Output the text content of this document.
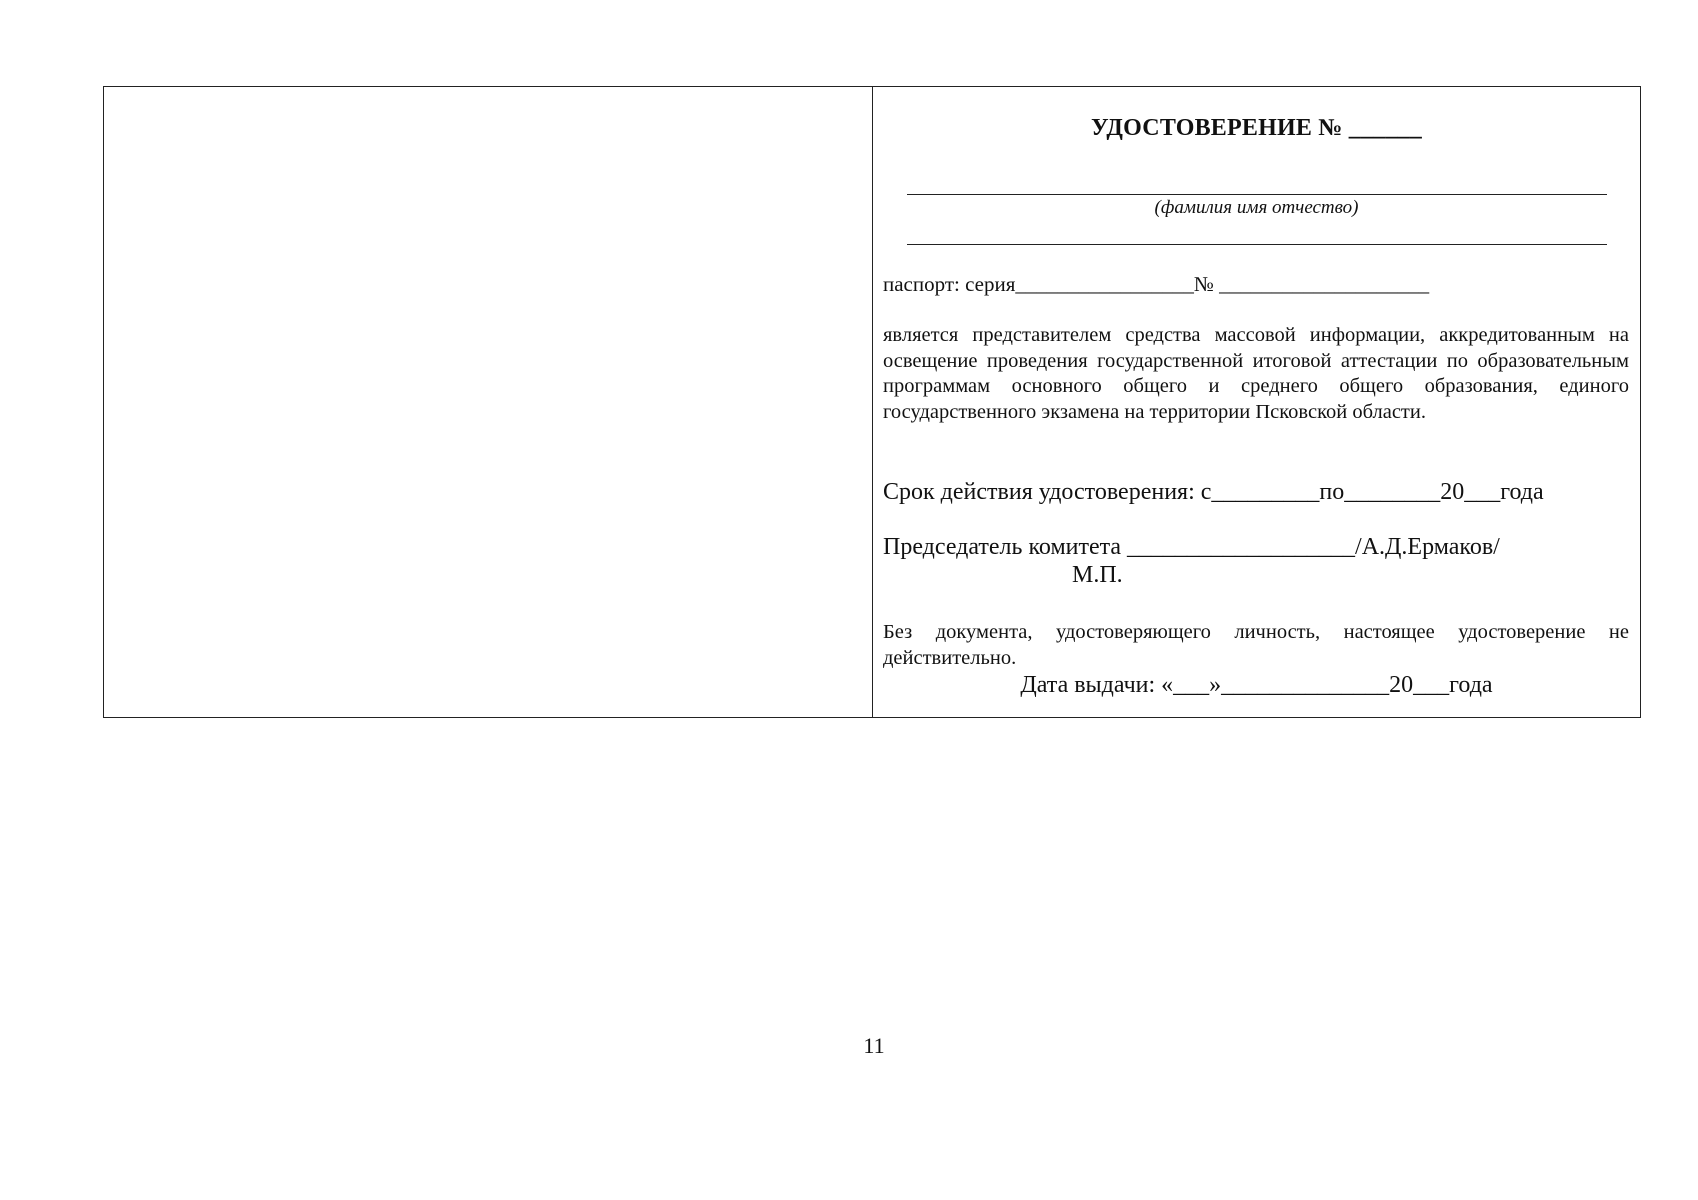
УДОСТОВЕРЕНИЕ № ______
(фамилия имя отчество)
паспорт: серия_________________№ ____________________
является представителем средства массовой информации, аккредитованным на освещение проведения государственной итоговой аттестации по образовательным программам основного общего и среднего общего образования, единого государственного экзамена на территории Псковской области.
Срок действия удостоверения: с_________по________20___года
Председатель комитета ___________________/А.Д.Ермаков/
М.П.
Без документа, удостоверяющего личность, настоящее удостоверение не действительно.
Дата выдачи: «___»______________20___года
11
